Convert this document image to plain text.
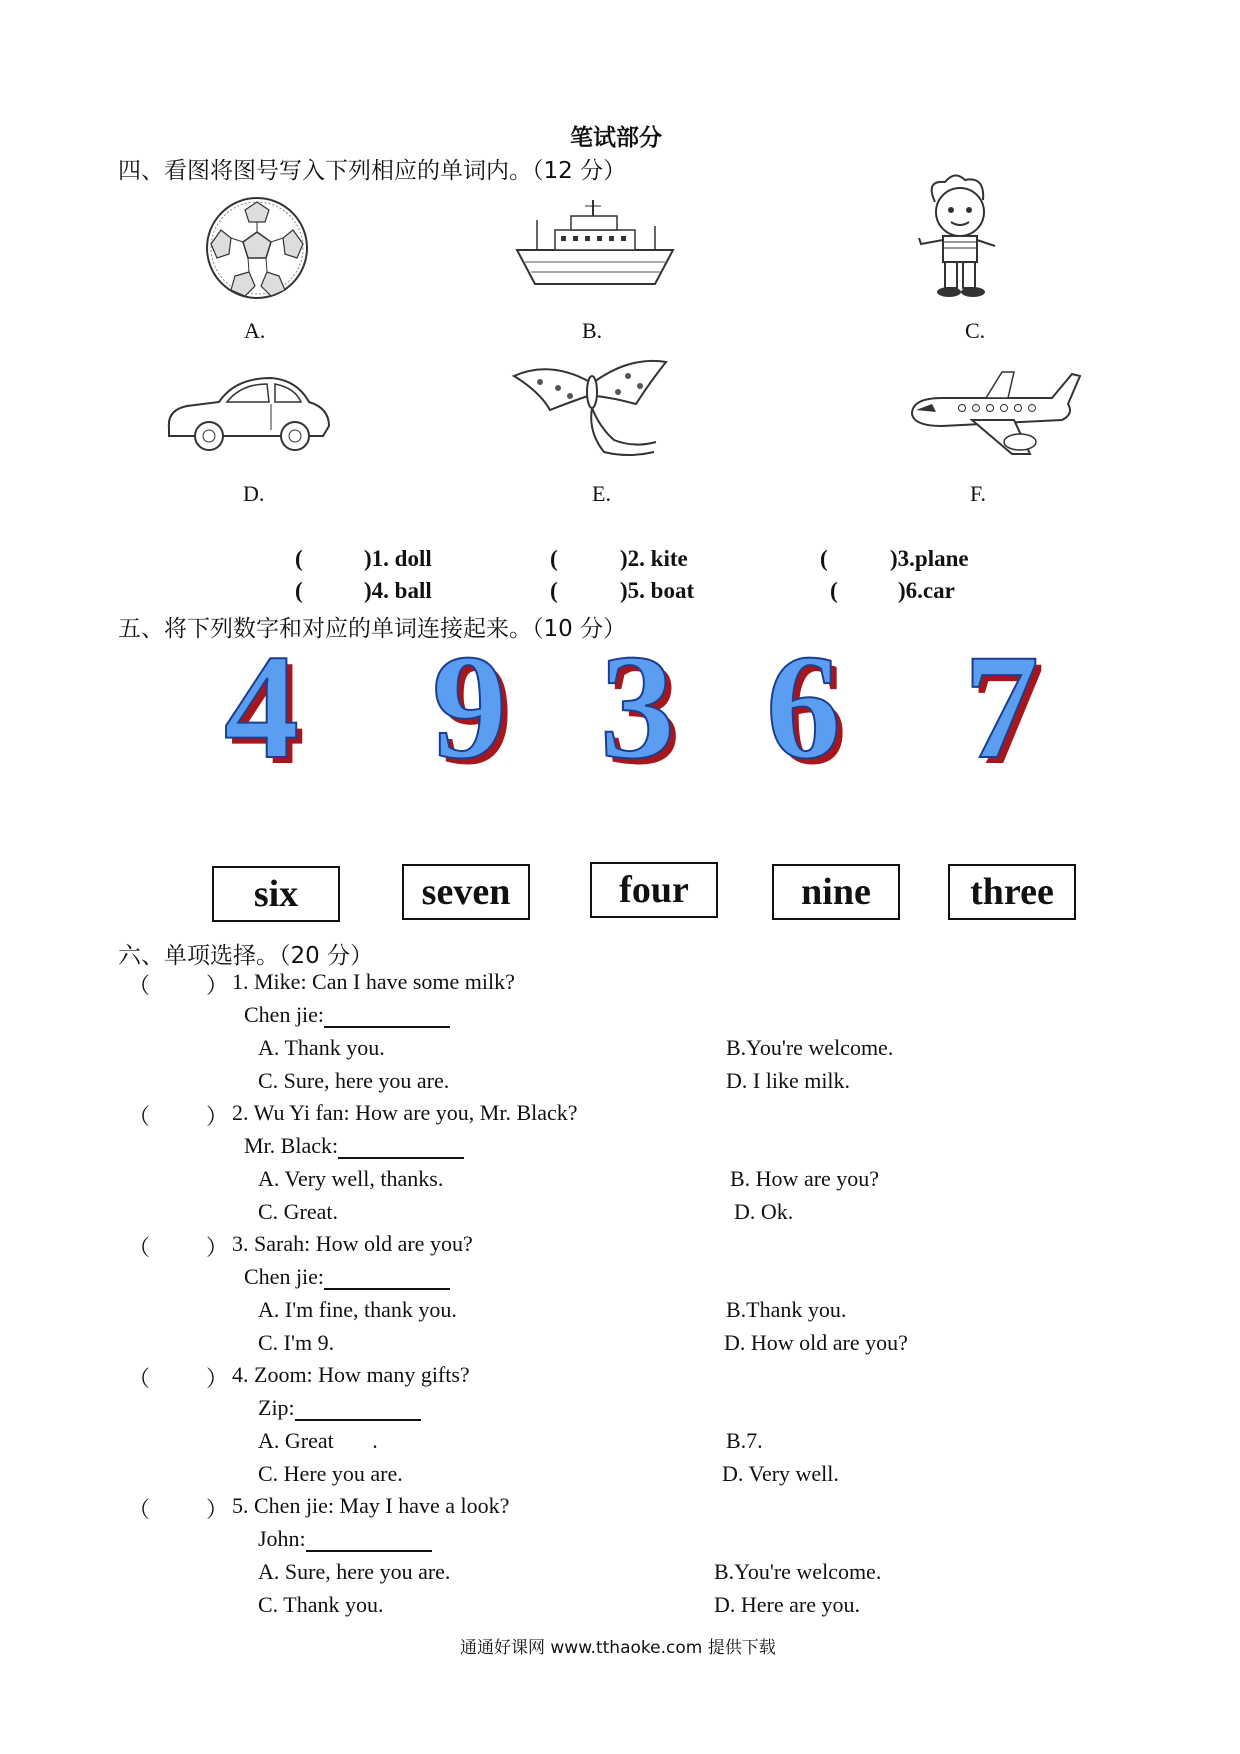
笔试部分
四、看图将图号写入下列相应的单词内。（12 分）
A.	B.	C.
D.	E.	F.
(	)1. doll	(	)2. kite	(	)3.plane
(	)4. ball	(	)5. boat	(	)6.car
五、将下列数字和对应的单词连接起来。（10 分）
4 9 3 6 7
six	seven	four	nine	three
六、单项选择。（20 分）
（	） 1. Mike: Can I have some milk?
Chen jie:
A. Thank you.	B.You're welcome.
C. Sure, here you are.	D. I like milk.
（	） 2. Wu Yi fan: How are you, Mr. Black?
Mr. Black:
A. Very well, thanks.	B. How are you?
C. Great.	D. Ok.
（	） 3. Sarah: How old are you?
Chen jie:
A. I'm fine, thank you.	B.Thank you.
C. I'm 9.	D. How old are you?
（	） 4. Zoom: How many gifts?
Zip:
A. Great       .	B.7.
C. Here you are.	D. Very well.
（	） 5. Chen jie: May I have a look?
John:
A. Sure, here you are.	B.You're welcome.
C. Thank you.	D. Here are you.
通通好课网 www.tthaoke.com 提供下载
